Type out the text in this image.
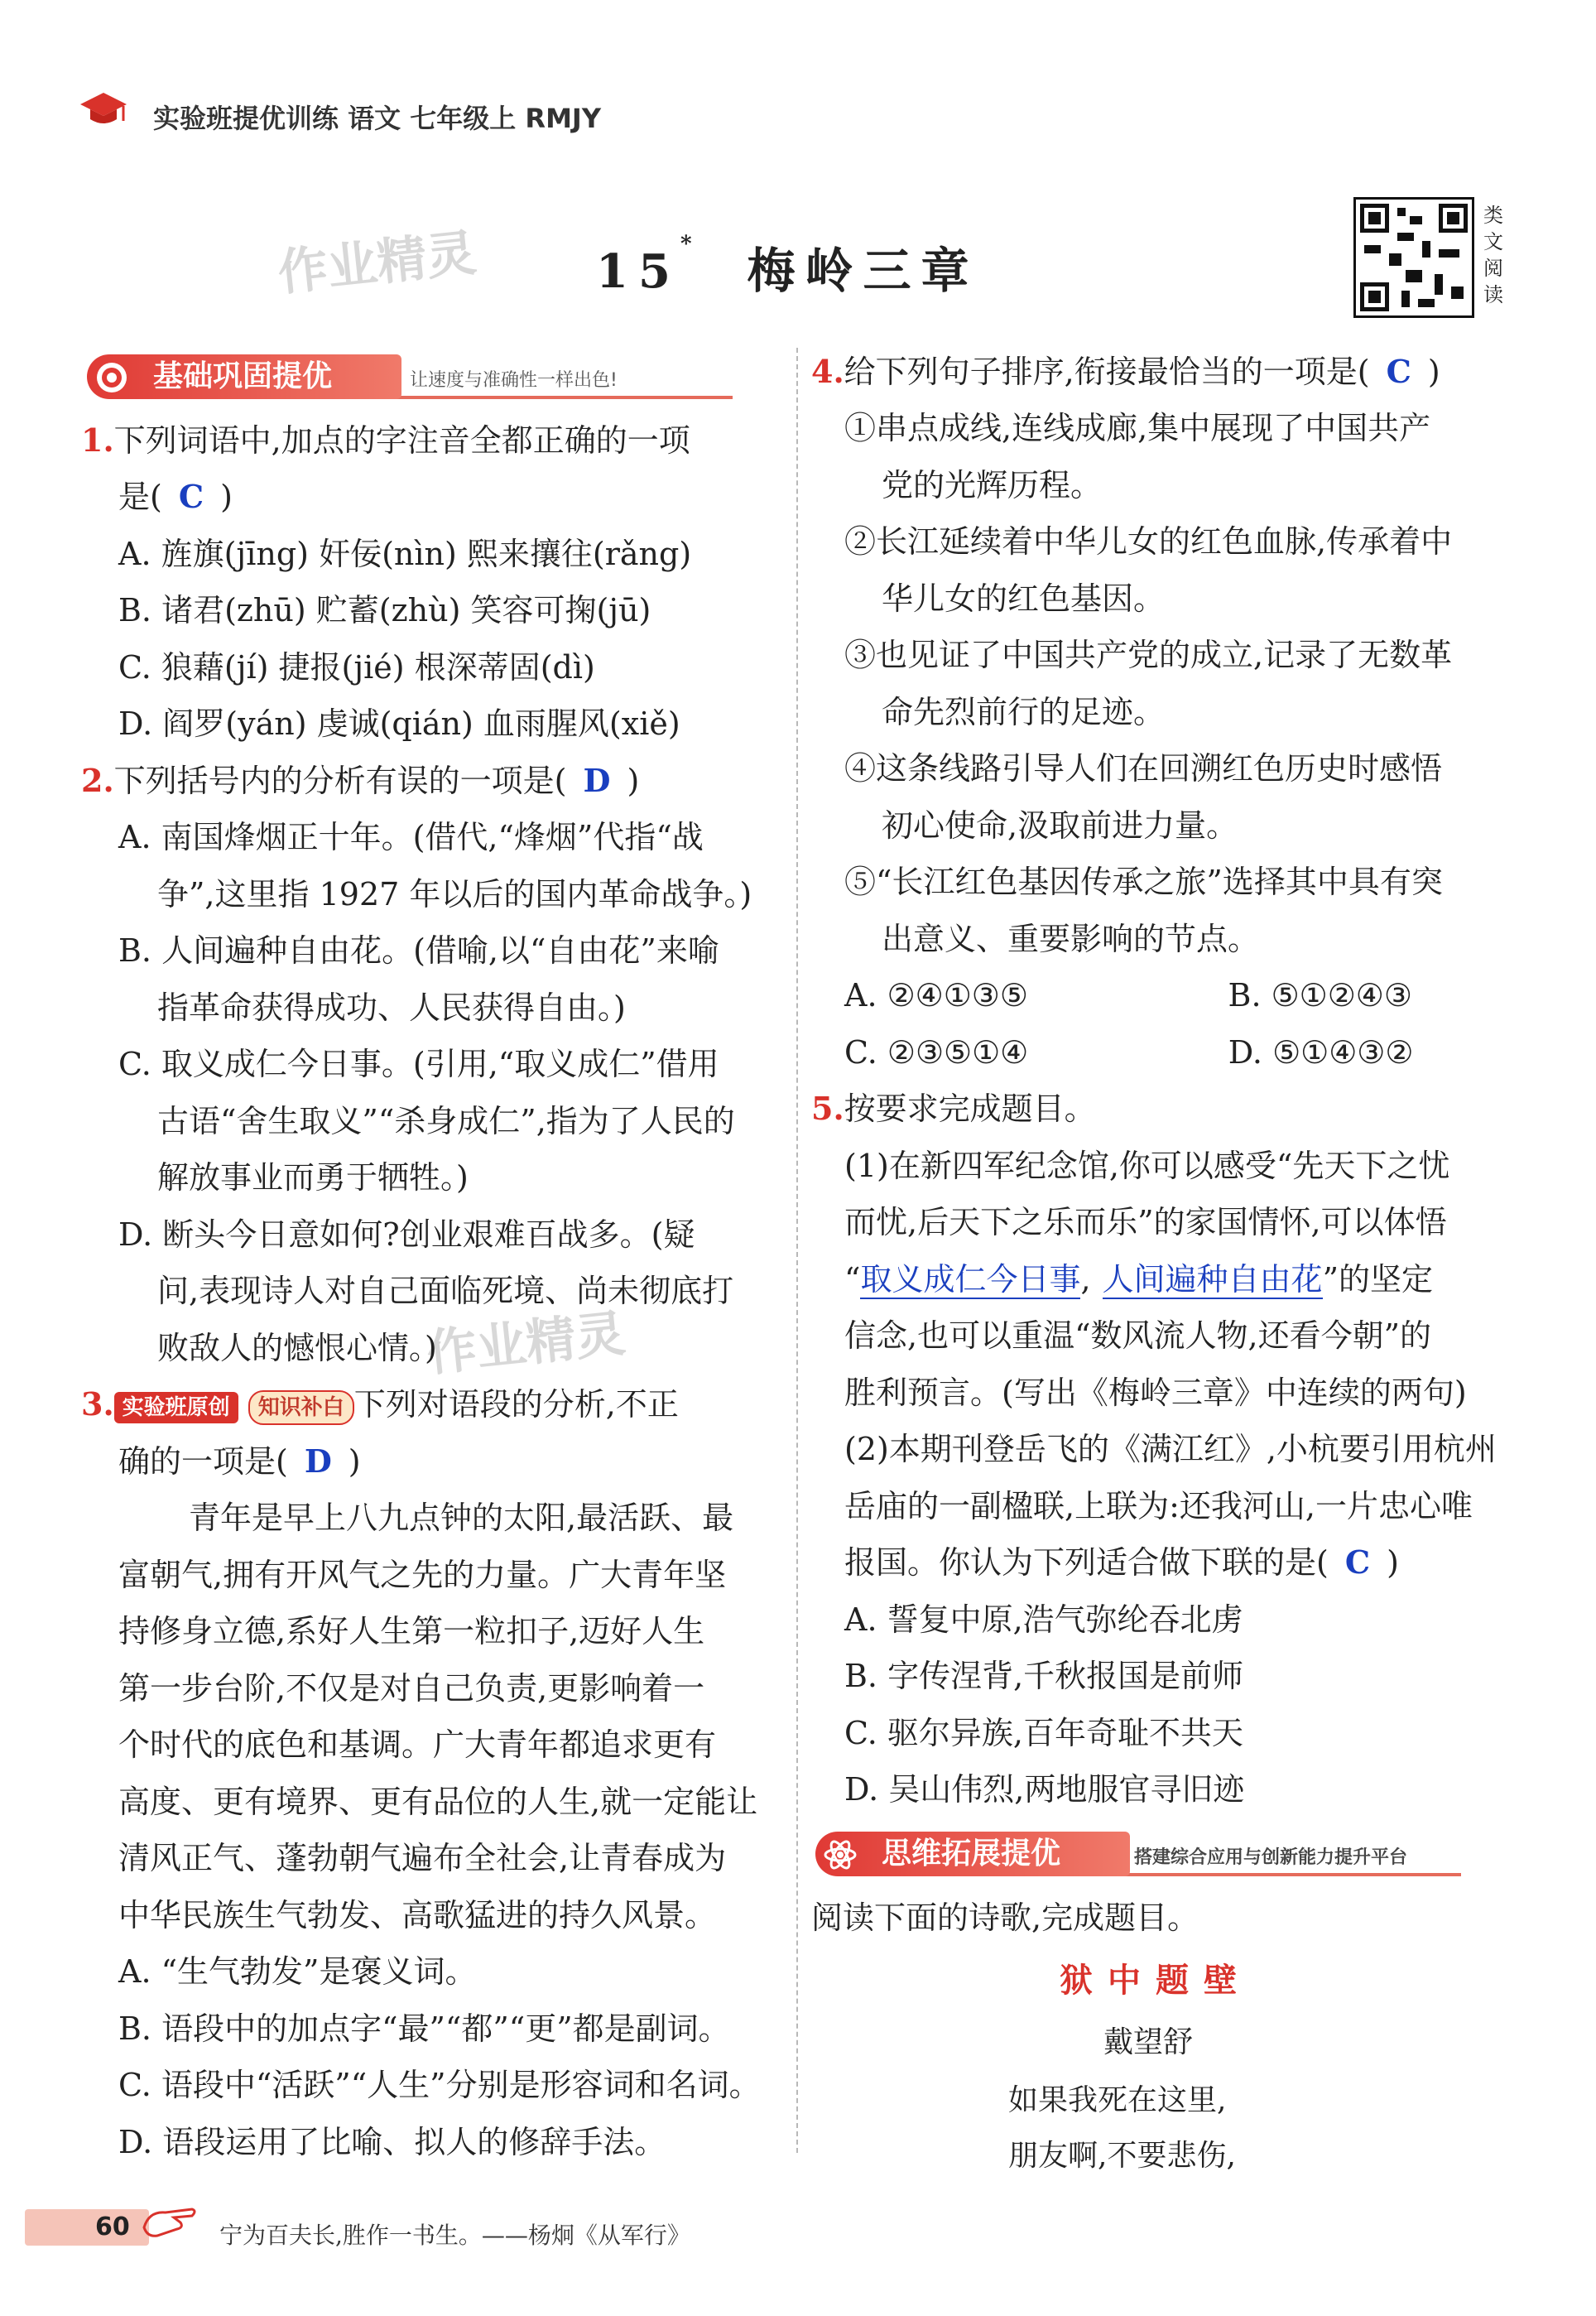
实验班提优训练 语文 七年级上 RMJY
作业精灵
作业精灵
15* 梅岭三章
类
文
阅
读
基础巩固提优	让速度与准确性一样出色!
1.下列词语中,加点的字注音全都正确的一项
是( C )
A. 旌旗(jīng) 奸佞(nìn) 熙来攘往(rǎng)
B. 诸君(zhū) 贮蓄(zhù) 笑容可掬(jū)
C. 狼藉(jí) 捷报(jié) 根深蒂固(dì)
D. 阎罗(yán) 虔诚(qián) 血雨腥风(xiě)
2.下列括号内的分析有误的一项是( D )
A. 南国烽烟正十年。(借代,“烽烟”代指“战
争”,这里指 1927 年以后的国内革命战争。)
B. 人间遍种自由花。(借喻,以“自由花”来喻
指革命获得成功、人民获得自由。)
C. 取义成仁今日事。(引用,“取义成仁”借用
古语“舍生取义”“杀身成仁”,指为了人民的
解放事业而勇于牺牲。)
D. 断头今日意如何?创业艰难百战多。(疑
问,表现诗人对自己面临死境、尚未彻底打
败敌人的憾恨心情。)
3. 实验班原创 知识补白 下列对语段的分析,不正
确的一项是( D )
青年是早上八九点钟的太阳,最活跃、最
富朝气,拥有开风气之先的力量。广大青年坚
持修身立德,系好人生第一粒扣子,迈好人生
第一步台阶,不仅是对自己负责,更影响着一
个时代的底色和基调。广大青年都追求更有
高度、更有境界、更有品位的人生,就一定能让
清风正气、蓬勃朝气遍布全社会,让青春成为
中华民族生气勃发、高歌猛进的持久风景。
A. “生气勃发”是褒义词。
B. 语段中的加点字“最”“都”“更”都是副词。
C. 语段中“活跃”“人生”分别是形容词和名词。
D. 语段运用了比喻、拟人的修辞手法。
4.给下列句子排序,衔接最恰当的一项是( C )
①串点成线,连线成廊,集中展现了中国共产
党的光辉历程。
②长江延续着中华儿女的红色血脉,传承着中
华儿女的红色基因。
③也见证了中国共产党的成立,记录了无数革
命先烈前行的足迹。
④这条线路引导人们在回溯红色历史时感悟
初心使命,汲取前进力量。
⑤“长江红色基因传承之旅”选择其中具有突
出意义、重要影响的节点。
A. ②④①③⑤                    B. ⑤①②④③
C. ②③⑤①④                    D. ⑤①④③②
5.按要求完成题目。
(1)在新四军纪念馆,你可以感受“先天下之忧
而忧,后天下之乐而乐”的家国情怀,可以体悟
“取义成仁今日事, 人间遍种自由花”的坚定
信念,也可以重温“数风流人物,还看今朝”的
胜利预言。(写出《梅岭三章》中连续的两句)
(2)本期刊登岳飞的《满江红》,小杭要引用杭州
岳庙的一副楹联,上联为:还我河山,一片忠心唯
报国。你认为下列适合做下联的是( C )
A. 誓复中原,浩气弥纶吞北虏
B. 字传涅背,千秋报国是前师
C. 驱尔异族,百年奇耻不共天
D. 吴山伟烈,两地服官寻旧迹
思维拓展提优	搭建综合应用与创新能力提升平台
阅读下面的诗歌,完成题目。
狱中题壁
戴望舒
如果我死在这里,
朋友啊,不要悲伤,
60	宁为百夫长,胜作一书生。——杨炯《从军行》
